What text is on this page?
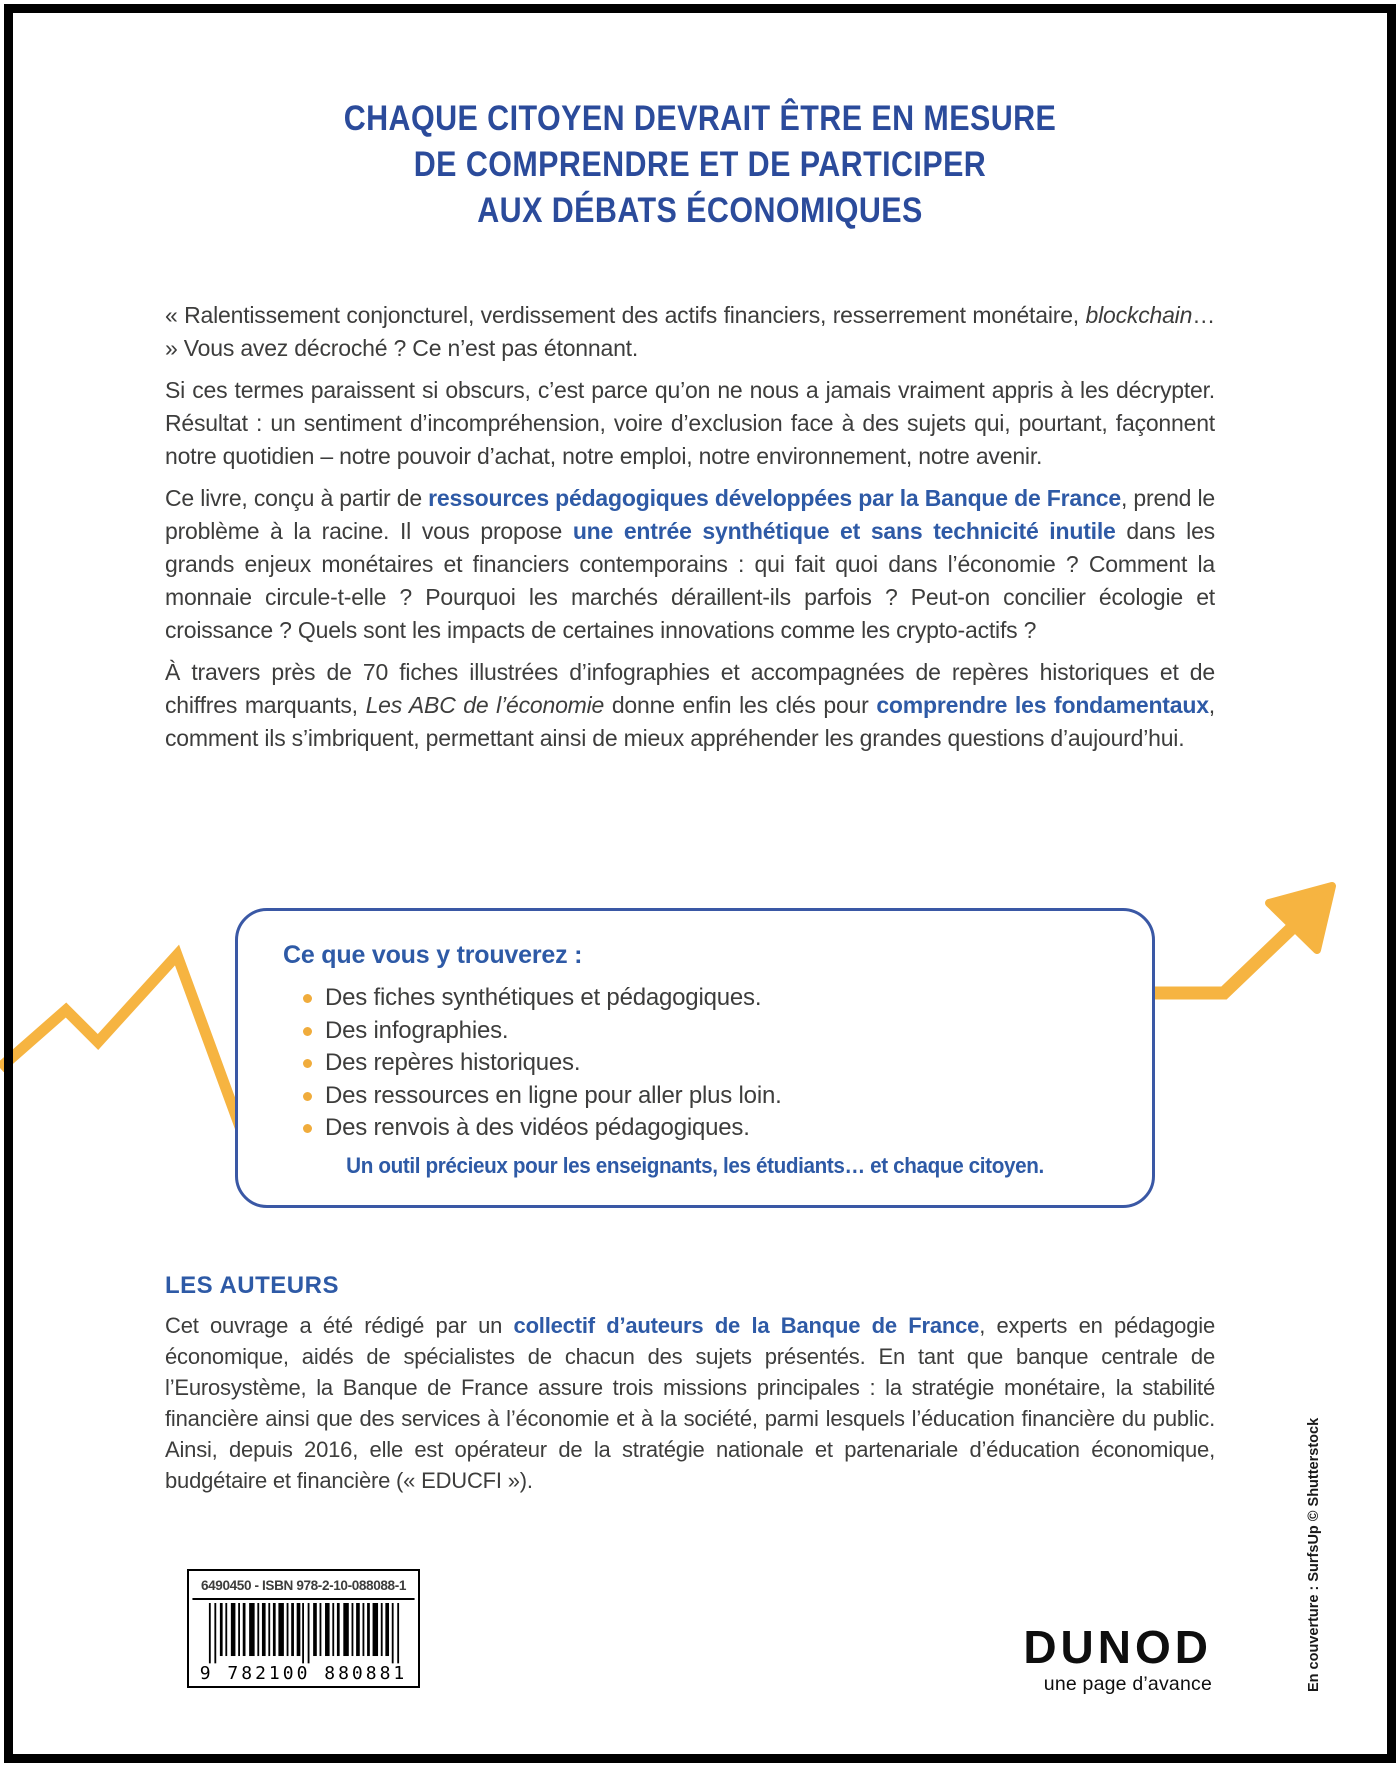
CHAQUE CITOYEN DEVRAIT ÊTRE EN MESURE
DE COMPRENDRE ET DE PARTICIPER
AUX DÉBATS ÉCONOMIQUES

« Ralentissement conjoncturel, verdissement des actifs financiers, resserrement monétaire, blockchain… » Vous avez décroché ? Ce n’est pas étonnant.

Si ces termes paraissent si obscurs, c’est parce qu’on ne nous a jamais vraiment appris à les décrypter. Résultat : un sentiment d’incompréhension, voire d’exclusion face à des sujets qui, pourtant, façonnent notre quotidien – notre pouvoir d’achat, notre emploi, notre environnement, notre avenir.

Ce livre, conçu à partir de ressources pédagogiques développées par la Banque de France, prend le problème à la racine. Il vous propose une entrée synthétique et sans technicité inutile dans les grands enjeux monétaires et financiers contemporains : qui fait quoi dans l’économie ? Comment la monnaie circule-t-elle ? Pourquoi les marchés déraillent-ils parfois ? Peut-on concilier écologie et croissance ? Quels sont les impacts de certaines innovations comme les crypto-actifs ?

À travers près de 70 fiches illustrées d’infographies et accompagnées de repères historiques et de chiffres marquants, Les ABC de l’économie donne enfin les clés pour comprendre les fondamentaux, comment ils s’imbriquent, permettant ainsi de mieux appréhender les grandes questions d’aujourd’hui.

Ce que vous y trouverez :
Des fiches synthétiques et pédagogiques.
Des infographies.
Des repères historiques.
Des ressources en ligne pour aller plus loin.
Des renvois à des vidéos pédagogiques.
Un outil précieux pour les enseignants, les étudiants… et chaque citoyen.
LES AUTEURS

Cet ouvrage a été rédigé par un collectif d’auteurs de la Banque de France, experts en pédagogie économique, aidés de spécialistes de chacun des sujets présentés. En tant que banque centrale de l’Eurosystème, la Banque de France assure trois missions principales : la stratégie monétaire, la stabilité financière ainsi que des services à l’économie et à la société, parmi lesquels l’éducation financière du public. Ainsi, depuis 2016, elle est opérateur de la stratégie nationale et partenariale d’éducation économique, budgétaire et financière (« EDUCFI »).

6490450 - ISBN 978-2-10-088088-1
9 782100 880881
DUNOD
une page d’avance	En couverture : SurfsUp © Shutterstock
